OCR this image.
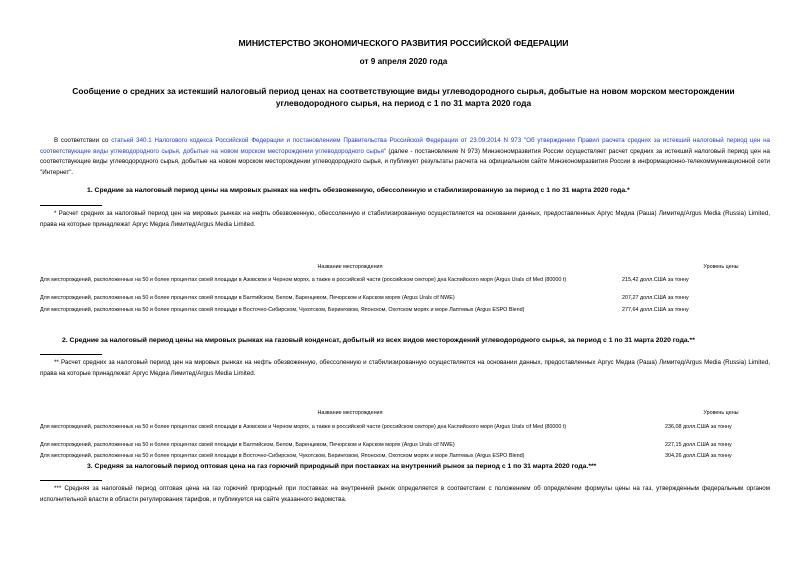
МИНИСТЕРСТВО ЭКОНОМИЧЕСКОГО РАЗВИТИЯ РОССИЙСКОЙ ФЕДЕРАЦИИ
от 9 апреля 2020 года
Сообщение о средних за истекший налоговый период ценах на соответствующие виды углеводородного сырья, добытые на новом морском месторождении углеводородного сырья, на период с 1 по 31 марта 2020 года
В соответствии со статьей 340.1 Налогового кодекса Российской Федерации и постановлением Правительства Российской Федерации от 23.09.2014 N 973 "Об утверждении Правил расчета средних за истекший налоговый период цен на соответствующие виды углеводородного сырья, добытые на новом морском месторождении углеводородного сырья" (далее - постановление N 973) Минэкономразвития России осуществляет расчет средних за истекший налоговый период цен на соответствующие виды углеводородного сырья, добытые на новом морском месторождении углеводородного сырья, и публикует результаты расчета на официальном сайте Минэкономразвития России в информационно-телекоммуникационной сети "Интернет".
1. Средние за налоговый период цены на мировых рынках на нефть обезвоженную, обессоленную и стабилизированную за период с 1 по 31 марта 2020 года.*
* Расчет средних за налоговый период цен на мировых рынках на нефть обезвоженную, обессоленную и стабилизированную осуществляется на основании данных, предоставленных Аргус Медиа (Раша) Лимитед/Argus Media (Russia) Limited, права на которые принадлежат Аргус Медиа Лимитед/Argus Media Limited.
Название месторождения	Уровень цены
Для месторождений, расположенных на 50 и более процентах своей площади в Азовском и Черном морях, а также в российской части (российском секторе) дна Каспийского моря (Argus Urals cif Med (80000 t)	215,42 долл.США за тонну
Для месторождений, расположенных на 50 и более процентах своей площади в Балтийском, Белом, Баренцевом, Печорском и Карском морях (Argus Urals cif NWE)	207,27 долл.США за тонну
Для месторождений, расположенных на 50 и более процентах своей площади в Восточно-Сибирском, Чукотском, Беринговом, Японском, Охотском морях и море Лаптевых (Argus ESPO Blend)	277,64 долл.США за тонну
2. Средние за налоговый период цены на мировых рынках на газовый конденсат, добытый из всех видов месторождений углеводородного сырья, за период с 1 по 31 марта 2020 года.**
** Расчет средних за налоговый период цен на мировых рынках на нефть обезвоженную, обессоленную и стабилизированную осуществляется на основании данных, предоставленных Аргус Медиа (Раша) Лимитед/Argus Media (Russia) Limited, права на которые принадлежат Аргус Медиа Лимитед/Argus Media Limited.
Название месторождения	Уровень цены
Для месторождений, расположенных на 50 и более процентах своей площади в Азовском и Черном морях, а также в российской части (российском секторе) дна Каспийского моря (Argus Urals cif Med (80000 t)	236,08 долл.США за тонну
Для месторождений, расположенных на 50 и более процентах своей площади в Балтийском, Белом, Баренцевом, Печорском и Карском морях (Argus Urals cif NWE)	227,15 долл.США за тонну
Для месторождений, расположенных на 50 и более процентах своей площади в Восточно-Сибирском, Чукотском, Беринговом, Японском, Охотском морях и море Лаптевых (Argus ESPO Blend)	304,26 долл.США за тонну
3. Средняя за налоговый период оптовая цена на газ горючий природный при поставках на внутренний рынок за период с 1 по 31 марта 2020 года.***
*** Средняя за налоговый период оптовая цена на газ горючий природный при поставках на внутренний рынок определяется в соответствии с положением об определении формулы цены на газ, утвержденным федеральным органом исполнительной власти в области регулирования тарифов, и публикуется на сайте указанного ведомства.
